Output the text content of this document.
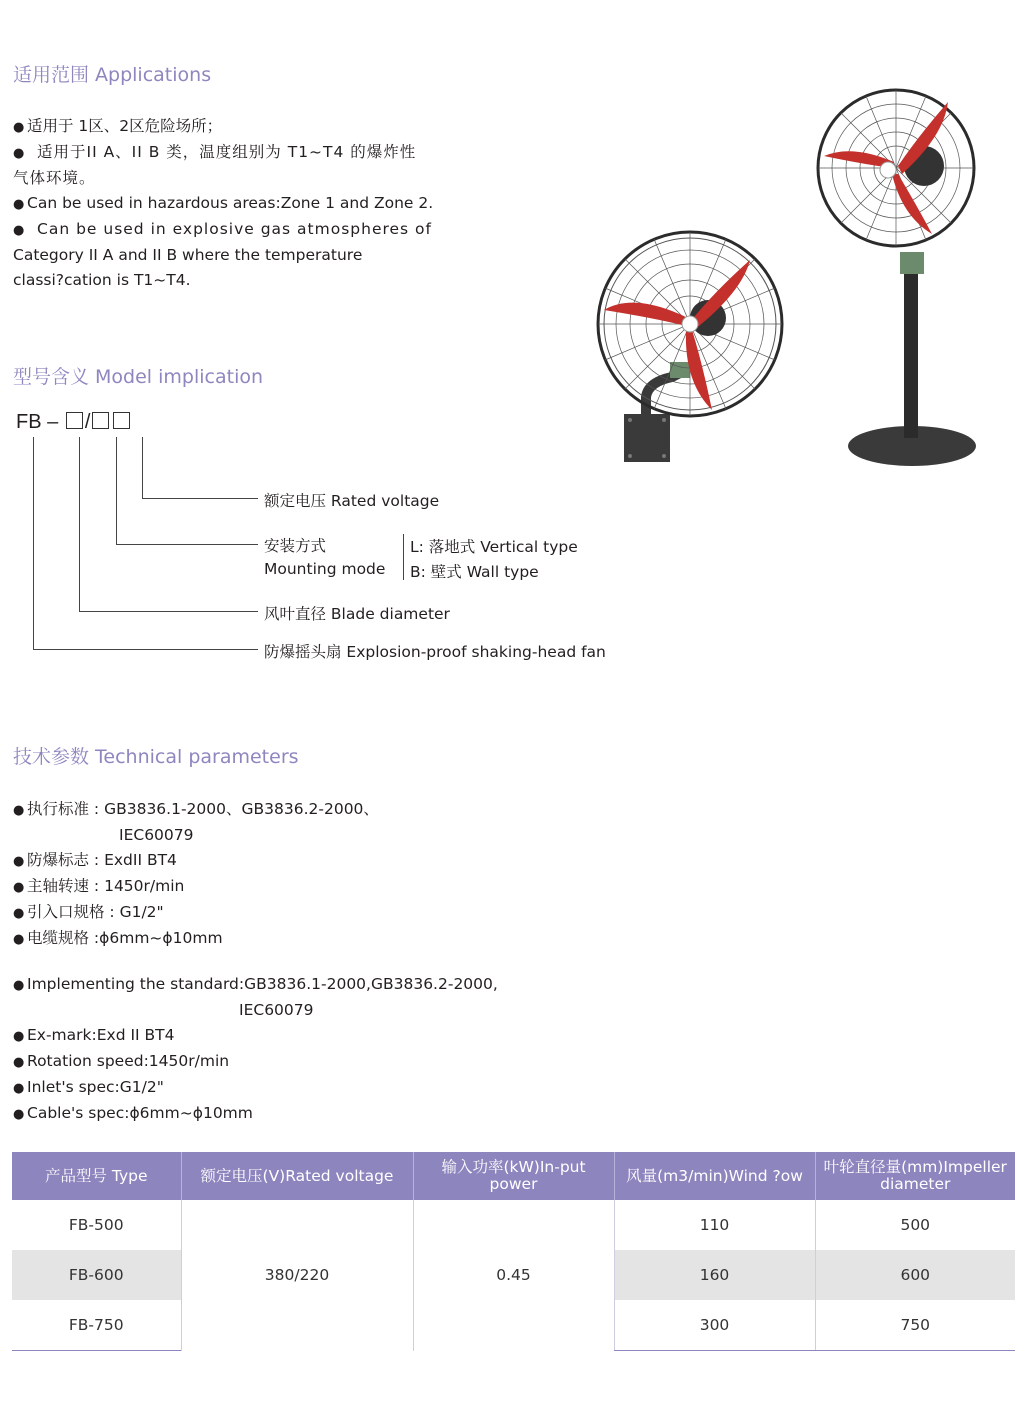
适用范围 Applications
● 适用于 1区、2区危险场所；
● 适用于II A、II B 类，温度组别为 T1~T4 的爆炸性
气体环境。
● Can be used in hazardous areas:Zone 1 and Zone 2.
● Can be used in explosive gas atmospheres of
Category II A and II B where the temperature
classi?cation is T1~T4.
型号含义 Model implication
FB – /
额定电压 Rated voltage
安装方式
Mounting mode
L: 落地式 Vertical type
B: 壁式 Wall type
风叶直径 Blade diameter
防爆摇头扇 Explosion-proof shaking-head fan
技术参数 Technical parameters
● 执行标准 : GB3836.1-2000、GB3836.2-2000、
IEC60079
● 防爆标志 : ExdII BT4
● 主轴转速 : 1450r/min
● 引入口规格 : G1/2"
● 电缆规格 :ϕ6mm~ϕ10mm
● Implementing the standard:GB3836.1-2000,GB3836.2-2000,
IEC60079
● Ex-mark:Exd II BT4
● Rotation speed:1450r/min
● Inlet's spec:G1/2"
● Cable's spec:ϕ6mm~ϕ10mm
产品型号 Type	额定电压(V)Rated voltage	输入功率(kW)In-put power	风量(m3/min)Wind ?ow	叶轮直径量(mm)Impeller diameter
FB-500	380/220	0.45	110	500
FB-600			160	600
FB-750			300	750
